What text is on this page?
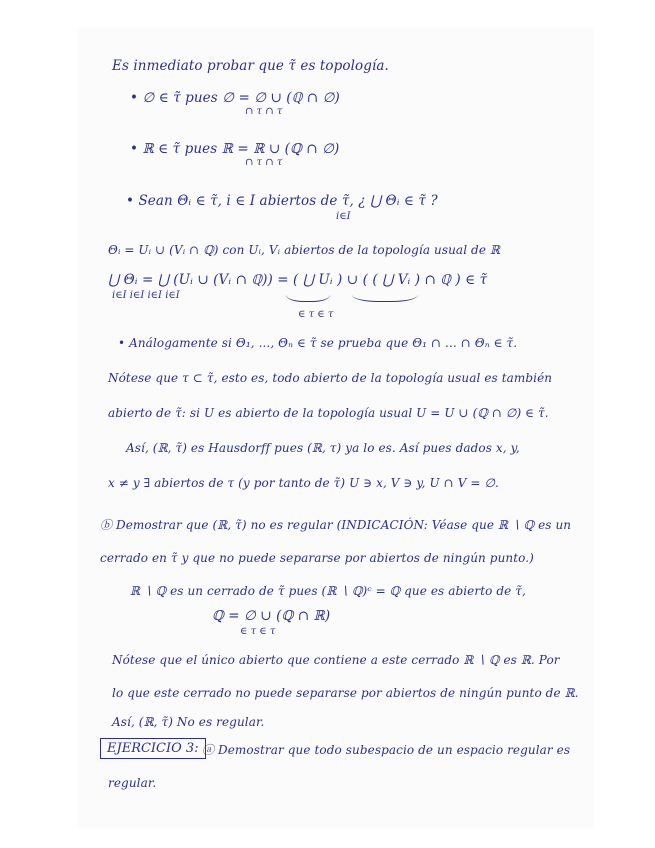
Es inmediato probar que τ̃ es topología.
• ∅ ∈ τ̃ pues ∅ = ∅ ∪ (ℚ ∩ ∅)
∩ τ ∩ τ
• ℝ ∈ τ̃ pues ℝ = ℝ ∪ (ℚ ∩ ∅)
∩ τ ∩ τ
• Sean Θᵢ ∈ τ̃, i ∈ I abiertos de τ̃, ¿ ⋃ Θᵢ ∈ τ̃ ?
i∈I
Θᵢ = Uᵢ ∪ (Vᵢ ∩ ℚ) con Uᵢ, Vᵢ abiertos de la topología usual de ℝ
⋃ Θᵢ = ⋃ (Uᵢ ∪ (Vᵢ ∩ ℚ)) = ( ⋃ Uᵢ ) ∪ ( ( ⋃ Vᵢ ) ∩ ℚ ) ∈ τ̃
i∈I i∈I i∈I i∈I
∈ τ ∈ τ
• Análogamente si Θ₁, ..., Θₙ ∈ τ̃ se prueba que Θ₁ ∩ ... ∩ Θₙ ∈ τ̃.
Nótese que τ ⊂ τ̃, esto es, todo abierto de la topología usual es también
abierto de τ̃: si U es abierto de la topología usual U = U ∪ (ℚ ∩ ∅) ∈ τ̃.
Así, (ℝ, τ̃) es Hausdorff pues (ℝ, τ) ya lo es. Así pues dados x, y,
x ≠ y ∃ abiertos de τ (y por tanto de τ̃) U ∋ x, V ∋ y, U ∩ V = ∅.
ⓑ Demostrar que (ℝ, τ̃) no es regular (INDICACIÓN: Véase que ℝ ∖ ℚ es un
cerrado en τ̃ y que no puede separarse por abiertos de ningún punto.)
ℝ ∖ ℚ es un cerrado de τ̃ pues (ℝ ∖ ℚ)ᶜ = ℚ que es abierto de τ̃,
ℚ = ∅ ∪ (ℚ ∩ ℝ)
∈ τ ∈ τ
Nótese que el único abierto que contiene a este cerrado ℝ ∖ ℚ es ℝ. Por
lo que este cerrado no puede separarse por abiertos de ningún punto de ℝ.
Así, (ℝ, τ̃) No es regular.
EJERCICIO 3: ⓐ Demostrar que todo subespacio de un espacio regular es
regular.
